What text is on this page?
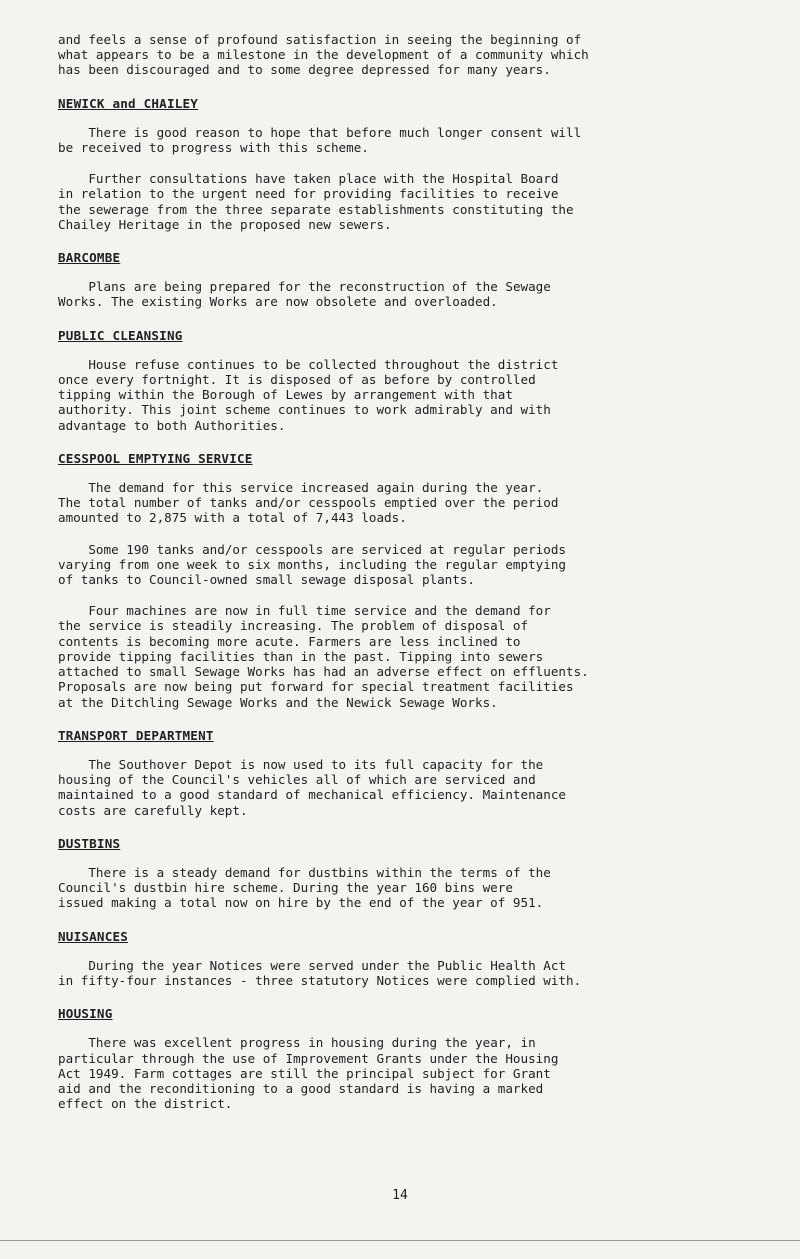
and feels a sense of profound satisfaction in seeing the beginning of
what appears to be a milestone in the development of a community which
has been discouraged and to some degree depressed for many years.

NEWICK and CHAILEY

There is good reason to hope that before much longer consent will
be received to progress with this scheme.

Further consultations have taken place with the Hospital Board
in relation to the urgent need for providing facilities to receive
the sewerage from the three separate establishments constituting the
Chailey Heritage in the proposed new sewers.

BARCOMBE

Plans are being prepared for the reconstruction of the Sewage
Works. The existing Works are now obsolete and overloaded.

PUBLIC CLEANSING

House refuse continues to be collected throughout the district
once every fortnight. It is disposed of as before by controlled
tipping within the Borough of Lewes by arrangement with that
authority. This joint scheme continues to work admirably and with
advantage to both Authorities.

CESSPOOL EMPTYING SERVICE

The demand for this service increased again during the year.
The total number of tanks and/or cesspools emptied over the period
amounted to 2,875 with a total of 7,443 loads.

Some 190 tanks and/or cesspools are serviced at regular periods
varying from one week to six months, including the regular emptying
of tanks to Council-owned small sewage disposal plants.

Four machines are now in full time service and the demand for
the service is steadily increasing. The problem of disposal of
contents is becoming more acute. Farmers are less inclined to
provide tipping facilities than in the past. Tipping into sewers
attached to small Sewage Works has had an adverse effect on effluents.
Proposals are now being put forward for special treatment facilities
at the Ditchling Sewage Works and the Newick Sewage Works.

TRANSPORT DEPARTMENT

The Southover Depot is now used to its full capacity for the
housing of the Council's vehicles all of which are serviced and
maintained to a good standard of mechanical efficiency. Maintenance
costs are carefully kept.

DUSTBINS

There is a steady demand for dustbins within the terms of the
Council's dustbin hire scheme. During the year 160 bins were
issued making a total now on hire by the end of the year of 951.

NUISANCES

During the year Notices were served under the Public Health Act
in fifty-four instances - three statutory Notices were complied with.

HOUSING

There was excellent progress in housing during the year, in
particular through the use of Improvement Grants under the Housing
Act 1949. Farm cottages are still the principal subject for Grant
aid and the reconditioning to a good standard is having a marked
effect on the district.

14
